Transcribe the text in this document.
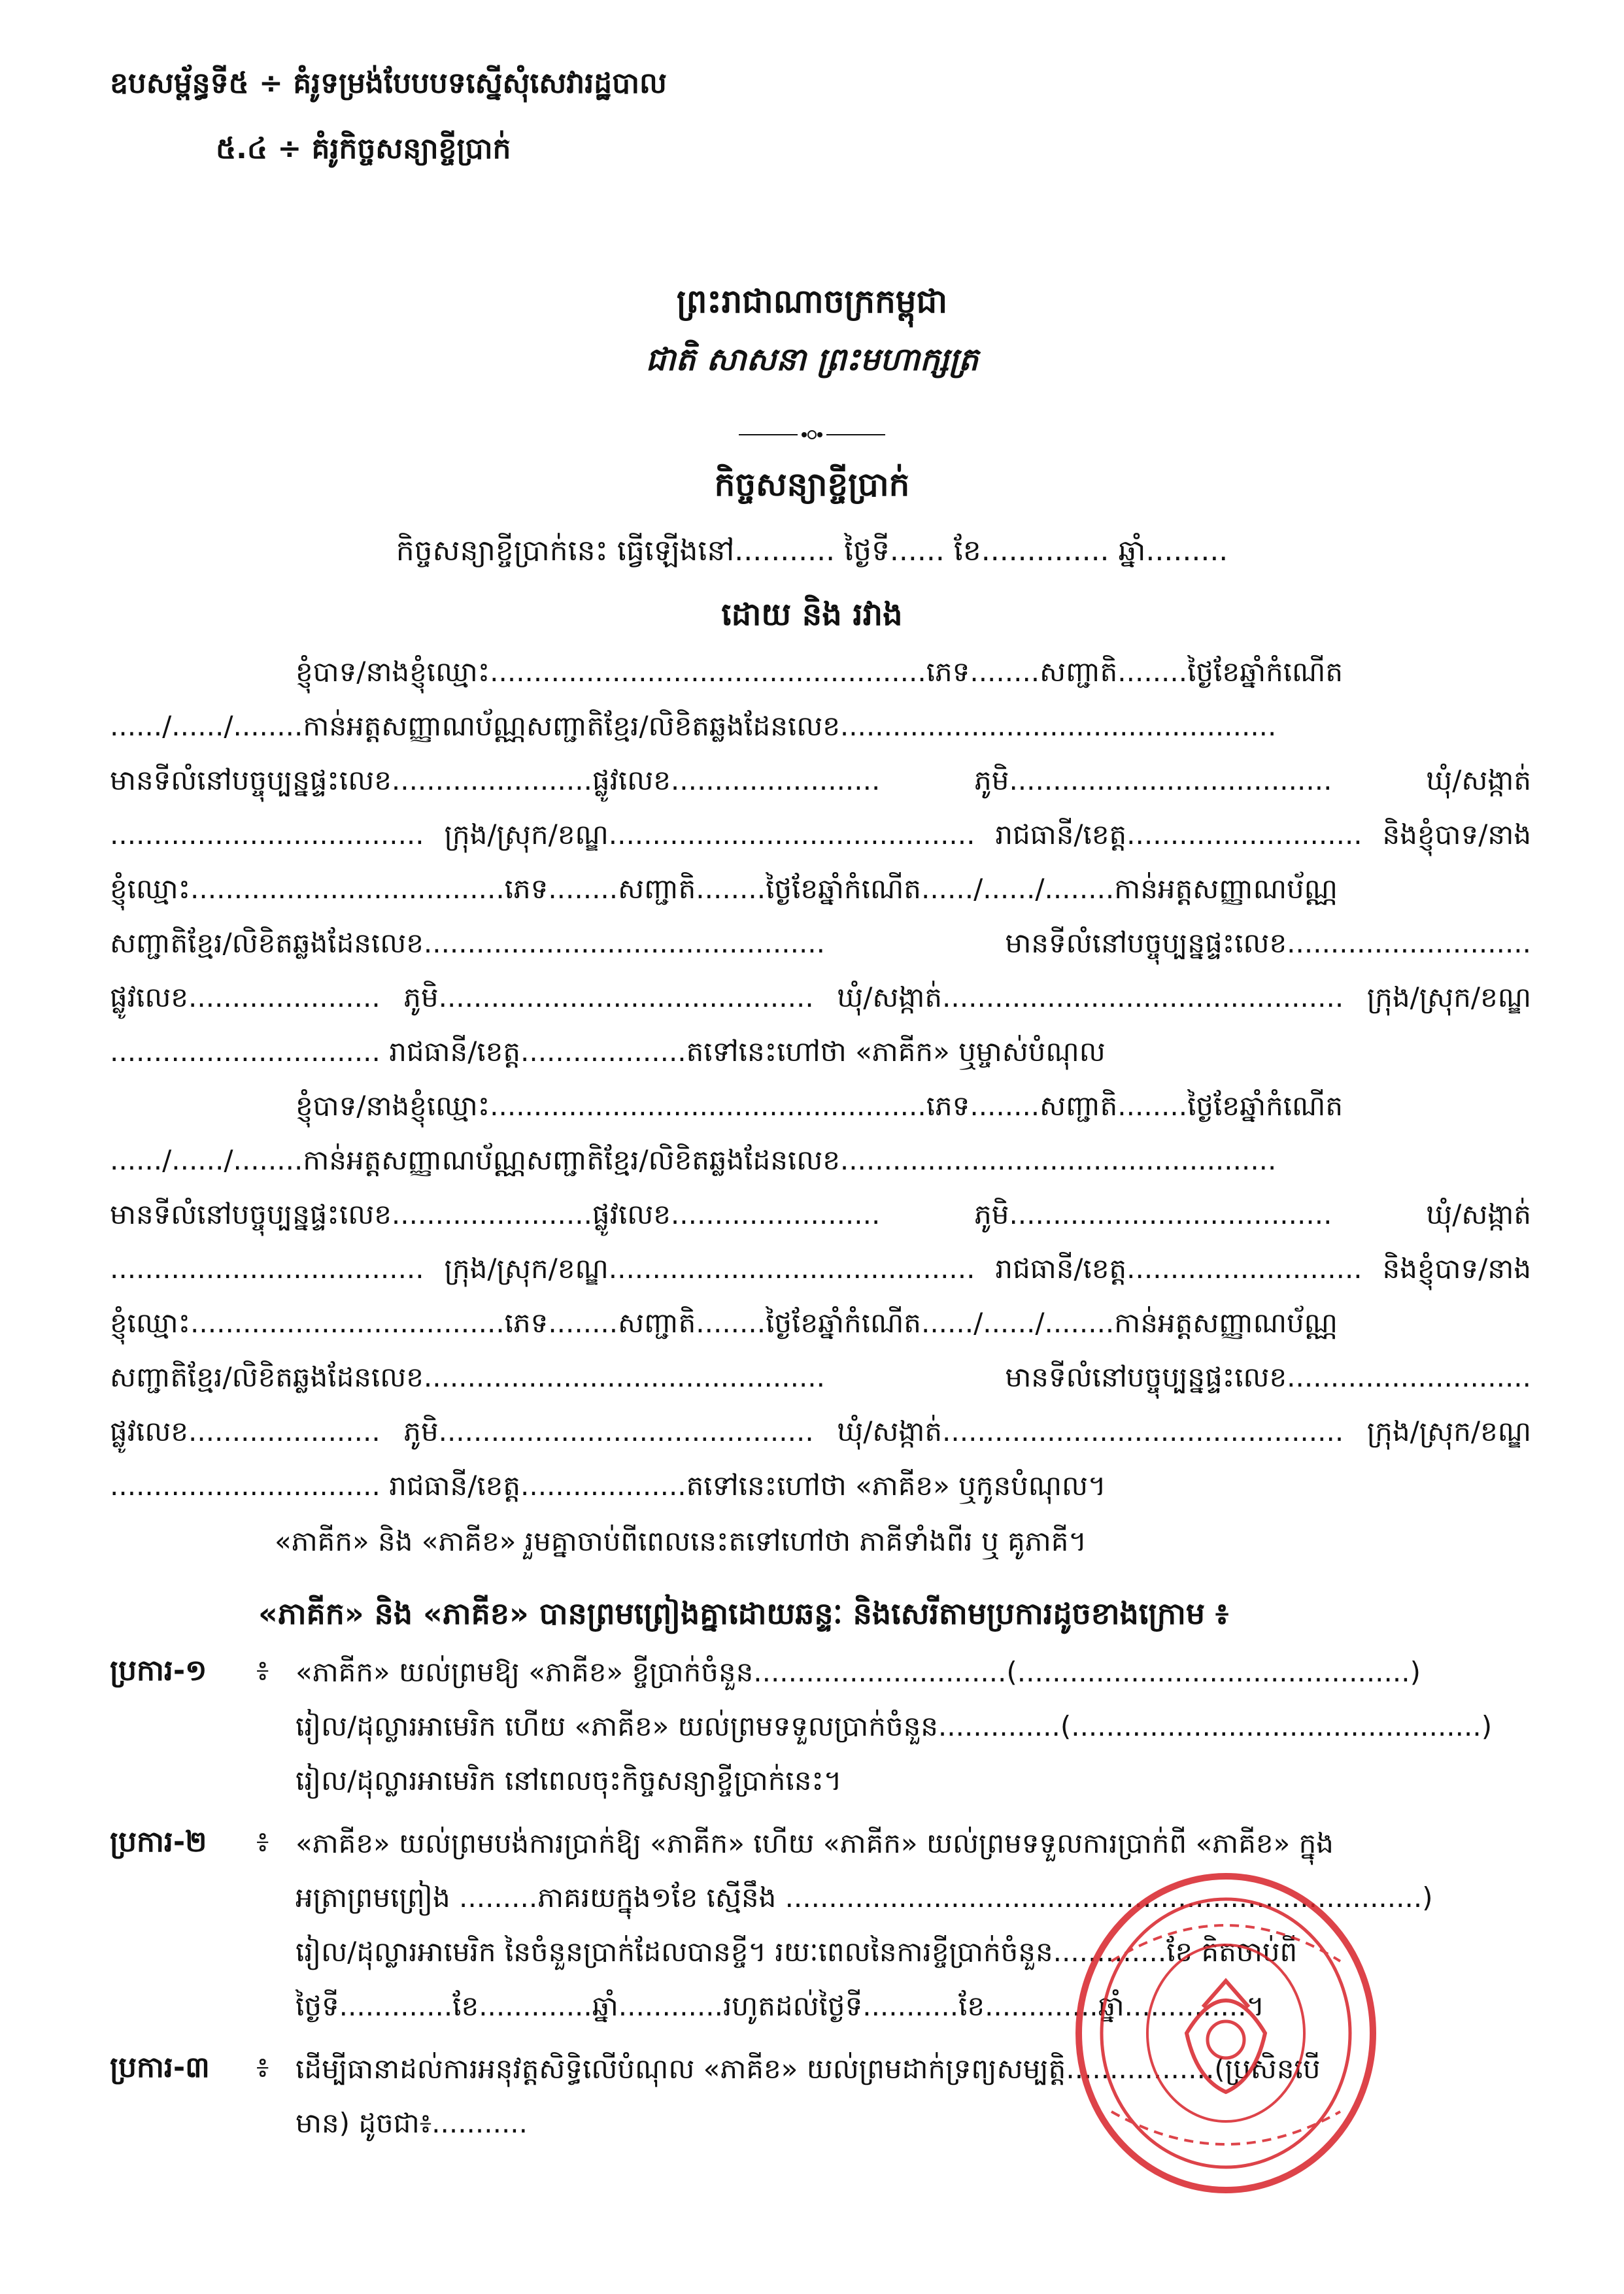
ឧបសម្ព័ន្ធទី៥ ÷ គំរូទម្រង់បែបបទស្នើសុំសេវារដ្ឋបាល
៥.៤ ÷ គំរូកិច្ចសន្យាខ្ចីប្រាក់
ព្រះរាជាណាចក្រកម្ពុជា
ជាតិ សាសនា ព្រះមហាក្សត្រ
កិច្ចសន្យាខ្ចីប្រាក់
កិច្ចសន្យាខ្ចីប្រាក់នេះ ធ្វើឡើងនៅ........... ថ្ងៃទី...... ខែ.............. ឆ្នាំ.........
ដោយ និង រវាង
ខ្ញុំបាទ/នាងខ្ញុំឈ្មោះ..................................................ភេទ........សញ្ជាតិ........ថ្ងៃខែឆ្នាំកំណើត
....../....../........កាន់អត្តសញ្ញាណប័ណ្ណសញ្ជាតិខ្មែរ/លិខិតឆ្លងដែនលេខ..................................................
មានទីលំនៅបច្ចុប្បន្នផ្ទះលេខ.......................ផ្លូវលេខ........................ ភូមិ..................................... ឃុំ/សង្កាត់
.................................... ក្រុង/ស្រុក/ខណ្ឌ.......................................... រាជធានី/ខេត្ត........................... និងខ្ញុំបាទ/នាង
ខ្ញុំឈ្មោះ....................................ភេទ........សញ្ជាតិ........ថ្ងៃខែឆ្នាំកំណើត....../....../........កាន់អត្តសញ្ញាណប័ណ្ណ
សញ្ជាតិខ្មែរ/លិខិតឆ្លងដែនលេខ.............................................. មានទីលំនៅបច្ចុប្បន្នផ្ទះលេខ............................
ផ្លូវលេខ...................... ភូមិ........................................... ឃុំ/សង្កាត់.............................................. ក្រុង/ស្រុក/ខណ្ឌ
............................... រាជធានី/ខេត្ត...................តទៅនេះហៅថា «ភាគីក» ឬម្ចាស់បំណុល
ខ្ញុំបាទ/នាងខ្ញុំឈ្មោះ..................................................ភេទ........សញ្ជាតិ........ថ្ងៃខែឆ្នាំកំណើត
....../....../........កាន់អត្តសញ្ញាណប័ណ្ណសញ្ជាតិខ្មែរ/លិខិតឆ្លងដែនលេខ..................................................
មានទីលំនៅបច្ចុប្បន្នផ្ទះលេខ.......................ផ្លូវលេខ........................ ភូមិ..................................... ឃុំ/សង្កាត់
.................................... ក្រុង/ស្រុក/ខណ្ឌ.......................................... រាជធានី/ខេត្ត........................... និងខ្ញុំបាទ/នាង
ខ្ញុំឈ្មោះ....................................ភេទ........សញ្ជាតិ........ថ្ងៃខែឆ្នាំកំណើត....../....../........កាន់អត្តសញ្ញាណប័ណ្ណ
សញ្ជាតិខ្មែរ/លិខិតឆ្លងដែនលេខ.............................................. មានទីលំនៅបច្ចុប្បន្នផ្ទះលេខ............................
ផ្លូវលេខ...................... ភូមិ........................................... ឃុំ/សង្កាត់.............................................. ក្រុង/ស្រុក/ខណ្ឌ
............................... រាជធានី/ខេត្ត...................តទៅនេះហៅថា «ភាគីខ» ឬកូនបំណុល។
«ភាគីក» និង «ភាគីខ» រួមគ្នាចាប់ពីពេលនេះតទៅហៅថា ភាគីទាំងពីរ ឬ គូភាគី។
«ភាគីក» និង «ភាគីខ» បានព្រមព្រៀងគ្នាដោយឆន្ទៈ និងសេរីតាមប្រការដូចខាងក្រោម ៖
ប្រការ-១ ៖ «ភាគីក» យល់ព្រមឱ្យ «ភាគីខ» ខ្ចីប្រាក់ចំនួន.............................(.............................................)
រៀល/ដុល្លារអាមេរិក ហើយ «ភាគីខ» យល់ព្រមទទួលប្រាក់ចំនួន..............(...............................................)
រៀល/ដុល្លារអាមេរិក នៅពេលចុះកិច្ចសន្យាខ្ចីប្រាក់នេះ។
ប្រការ-២ ៖ «ភាគីខ» យល់ព្រមបង់ការប្រាក់ឱ្យ «ភាគីក» ហើយ «ភាគីក» យល់ព្រមទទួលការប្រាក់ពី «ភាគីខ» ក្នុង
អត្រាព្រមព្រៀង .........ភាគរយក្នុង១ខែ ស្មើនឹង .........................................................................)
រៀល/ដុល្លារអាមេរិក នៃចំនួនប្រាក់ដែលបានខ្ចី។ រយៈពេលនៃការខ្ចីប្រាក់ចំនួន.............ខែ គិតចាប់ពី
ថ្ងៃទី.............ខែ.............ឆ្នាំ............រហូតដល់ថ្ងៃទី...........ខែ.............ឆ្នាំ..............។
ប្រការ-៣ ៖ ដើម្បីធានាដល់ការអនុវត្តសិទ្ធិលើបំណុល «ភាគីខ» យល់ព្រមដាក់ទ្រព្យសម្បត្តិ.................(ប្រសិនបើ
មាន) ដូចជា៖...........
